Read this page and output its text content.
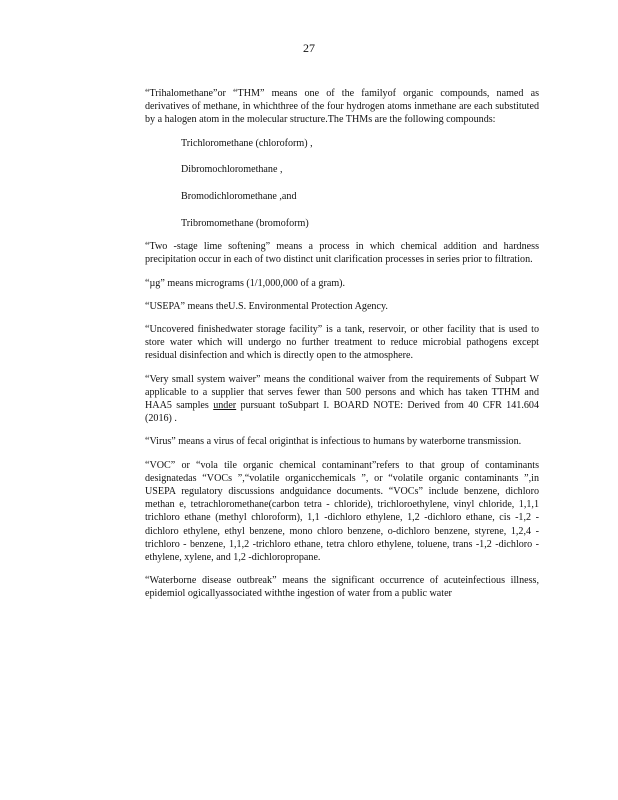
27

“Trihalomethane”or “THM” means one of the familyof organic compounds, named as derivatives of methane, in whichthree of the four hydrogen atoms inmethane are each substituted by a halogen atom in the molecular structure.The THMs are the following compounds:

Trichloromethane (chloroform) ,
Dibromochloromethane ,
Bromodichloromethane ,and
Tribromomethane (bromoform)

“Two -stage lime softening” means a process in which chemical addition and hardness precipitation occur in each of two distinct unit clarification processes in series prior to filtration.

“µg” means micrograms (1/1,000,000 of a gram).

“USEPA” means theU.S. Environmental Protection Agency.

“Uncovered finishedwater storage facility” is a tank, reservoir, or other facility that is used to store water which will undergo no further treatment to reduce microbial pathogens except residual disinfection and which is directly open to the atmosphere.

“Very small system waiver” means the conditional waiver from the requirements of Subpart W applicable to a supplier that serves fewer than 500 persons and which has taken TTHM and HAA5 samples under pursuant toSubpart I. BOARD NOTE: Derived from 40 CFR 141.604 (2016) .

“Virus” means a virus of fecal originthat is infectious to humans by waterborne transmission.

“VOC” or “vola tile organic chemical contaminant”refers to that group of contaminants designatedas “VOCs ”,“volatile organicchemicals ”, or “volatile organic contaminants ”,in USEPA regulatory discussions andguidance documents. “VOCs” include benzene, dichloro methan e, tetrachloromethane(carbon tetra - chloride), trichloroethylene, vinyl chloride, 1,1,1 trichloro ethane (methyl chloroform), 1,1 -dichloro ethylene, 1,2 -dichloro ethane, cis -1,2 -dichloro ethylene, ethyl benzene, mono chloro benzene, o-dichloro benzene, styrene, 1,2,4 -trichloro - benzene, 1,1,2 -trichloro ethane, tetra chloro ethylene, toluene, trans -1,2 -dichloro - ethylene, xylene, and 1,2 -dichloropropane.

“Waterborne disease outbreak” means the significant occurrence of acuteinfectious illness, epidemiol ogicallyassociated withthe ingestion of water from a public water
